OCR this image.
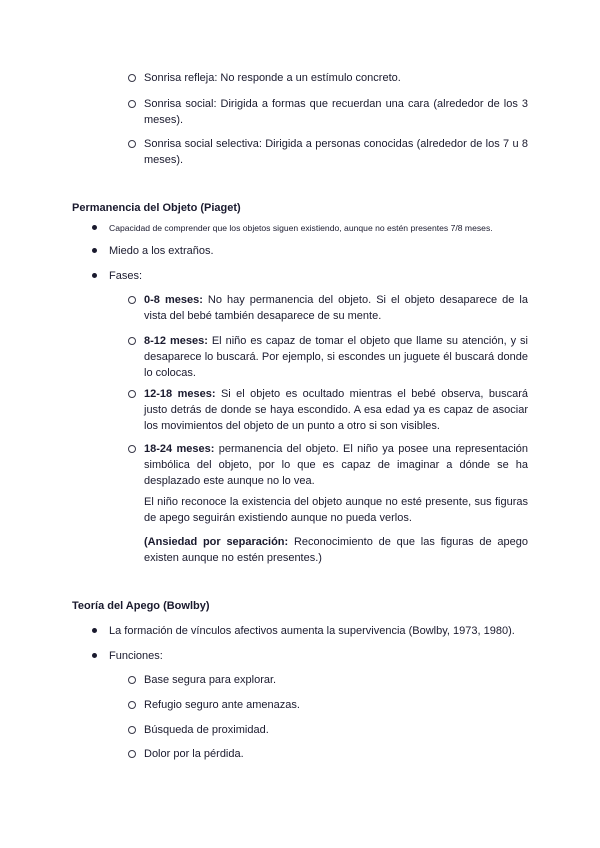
Sonrisa refleja: No responde a un estímulo concreto.
Sonrisa social: Dirigida a formas que recuerdan una cara (alrededor de los 3 meses).
Sonrisa social selectiva: Dirigida a personas conocidas (alrededor de los 7 u 8 meses).
Permanencia del Objeto (Piaget)
Capacidad de comprender que los objetos siguen existiendo, aunque no estén presentes 7/8 meses.
Miedo a los extraños.
Fases:
0-8 meses: No hay permanencia del objeto. Si el objeto desaparece de la vista del bebé también desaparece de su mente.
8-12 meses: El niño es capaz de tomar el objeto que llame su atención, y si desaparece lo buscará. Por ejemplo, si escondes un juguete él buscará donde lo colocas.
12-18 meses: Si el objeto es ocultado mientras el bebé observa, buscará justo detrás de donde se haya escondido. A esa edad ya es capaz de asociar los movimientos del objeto de un punto a otro si son visibles.
18-24 meses: permanencia del objeto. El niño ya posee una representación simbólica del objeto, por lo que es capaz de imaginar a dónde se ha desplazado este aunque no lo vea.
El niño reconoce la existencia del objeto aunque no esté presente, sus figuras de apego seguirán existiendo aunque no pueda verlos.
(Ansiedad por separación: Reconocimiento de que las figuras de apego existen aunque no estén presentes.)
Teoría del Apego (Bowlby)
La formación de vínculos afectivos aumenta la supervivencia (Bowlby, 1973, 1980).
Funciones:
Base segura para explorar.
Refugio seguro ante amenazas.
Búsqueda de proximidad.
Dolor por la pérdida.
